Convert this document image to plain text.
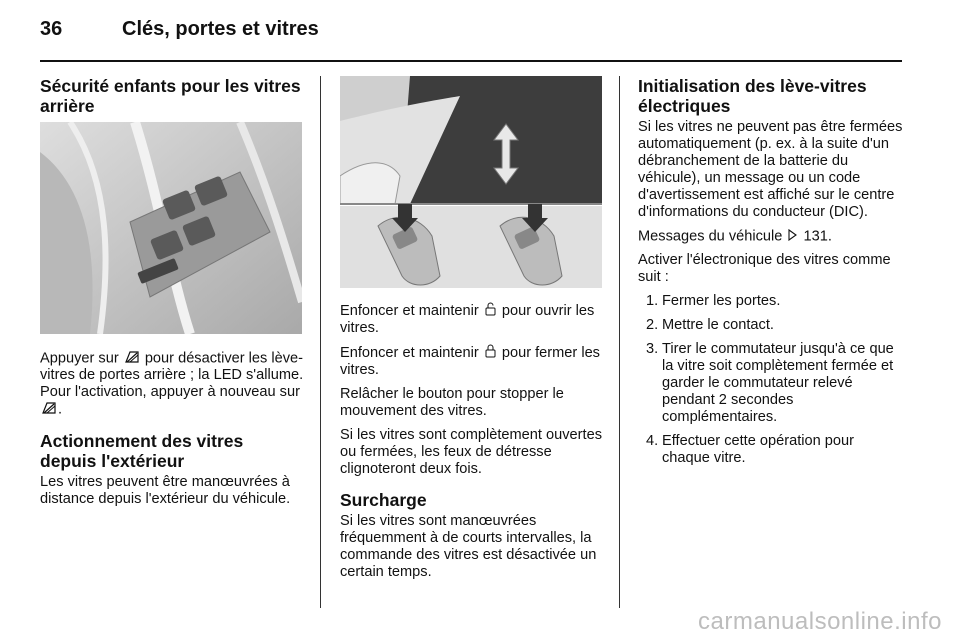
36	Clés, portes et vitres
Sécurité enfants pour les vitres arrière

Appuyer sur pour désactiver les lève-vitres de portes arrière ; la LED s'allume. Pour l'activation, appuyer à nouveau sur .

Actionnement des vitres depuis l'extérieur

Les vitres peuvent être manœuvrées à distance depuis l'extérieur du véhicule.

Enfoncer et maintenir pour ouvrir les vitres.

Enfoncer et maintenir pour fermer les vitres.

Relâcher le bouton pour stopper le mouvement des vitres.

Si les vitres sont complètement ouvertes ou fermées, les feux de détresse clignoteront deux fois.

Surcharge

Si les vitres sont manœuvrées fréquemment à de courts intervalles, la commande des vitres est désactivée un certain temps.

Initialisation des lève-vitres électriques

Si les vitres ne peuvent pas être fermées automatiquement (p. ex. à la suite d'un débranchement de la batterie du véhicule), un message ou un code d'avertissement est affiché sur le centre d'informations du conducteur (DIC).

Messages du véhicule 131.

Activer l'électronique des vitres comme suit :

1. Fermer les portes.
2. Mettre le contact.
3. Tirer le commutateur jusqu'à ce que la vitre soit complètement fermée et garder le commutateur relevé pendant 2 secondes complémentaires.
4. Effectuer cette opération pour chaque vitre.
carmanualsonline.info
